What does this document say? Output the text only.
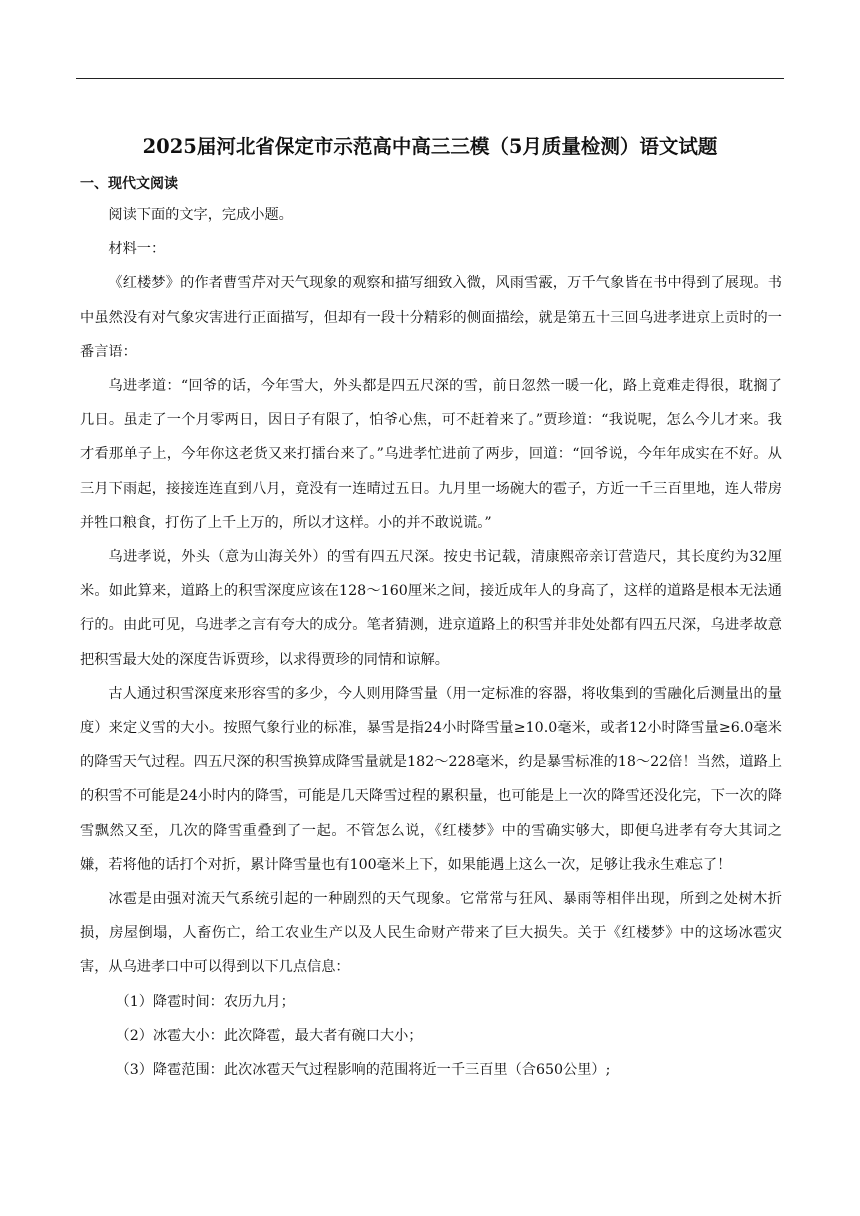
2025届河北省保定市示范高中高三三模（5月质量检测）语文试题
一、现代文阅读

阅读下面的文字，完成小题。

材料一：

《红楼梦》的作者曹雪芹对天气现象的观察和描写细致入微，风雨雪霰，万千气象皆在书中得到了展现。书中虽然没有对气象灾害进行正面描写，但却有一段十分精彩的侧面描绘，就是第五十三回乌进孝进京上贡时的一番言语：

乌进孝道：“回爷的话，今年雪大，外头都是四五尺深的雪，前日忽然一暖一化，路上竟难走得很，耽搁了几日。虽走了一个月零两日，因日子有限了，怕爷心焦，可不赶着来了。”贾珍道：“我说呢，怎么今儿才来。我才看那单子上，今年你这老货又来打擂台来了。”乌进孝忙进前了两步，回道：“回爷说，今年年成实在不好。从三月下雨起，接接连连直到八月，竟没有一连晴过五日。九月里一场碗大的雹子，方近一千三百里地，连人带房并牲口粮食，打伤了上千上万的，所以才这样。小的并不敢说谎。”

乌进孝说，外头（意为山海关外）的雪有四五尺深。按史书记载，清康熙帝亲订营造尺，其长度约为32厘米。如此算来，道路上的积雪深度应该在128～160厘米之间，接近成年人的身高了，这样的道路是根本无法通行的。由此可见，乌进孝之言有夸大的成分。笔者猜测，进京道路上的积雪并非处处都有四五尺深，乌进孝故意把积雪最大处的深度告诉贾珍，以求得贾珍的同情和谅解。

古人通过积雪深度来形容雪的多少，今人则用降雪量（用一定标准的容器，将收集到的雪融化后测量出的量度）来定义雪的大小。按照气象行业的标准，暴雪是指24小时降雪量≥10.0毫米，或者12小时降雪量≥6.0毫米的降雪天气过程。四五尺深的积雪换算成降雪量就是182～228毫米，约是暴雪标准的18～22倍！当然，道路上的积雪不可能是24小时内的降雪，可能是几天降雪过程的累积量，也可能是上一次的降雪还没化完，下一次的降雪飘然又至，几次的降雪重叠到了一起。不管怎么说，《红楼梦》中的雪确实够大，即便乌进孝有夸大其词之嫌，若将他的话打个对折，累计降雪量也有100毫米上下，如果能遇上这么一次，足够让我永生难忘了！

冰雹是由强对流天气系统引起的一种剧烈的天气现象。它常常与狂风、暴雨等相伴出现，所到之处树木折损，房屋倒塌，人畜伤亡，给工农业生产以及人民生命财产带来了巨大损失。关于《红楼梦》中的这场冰雹灾害，从乌进孝口中可以得到以下几点信息：

（1）降雹时间：农历九月；

（2）冰雹大小：此次降雹，最大者有碗口大小；

（3）降雹范围：此次冰雹天气过程影响的范围将近一千三百里（合650公里）;
